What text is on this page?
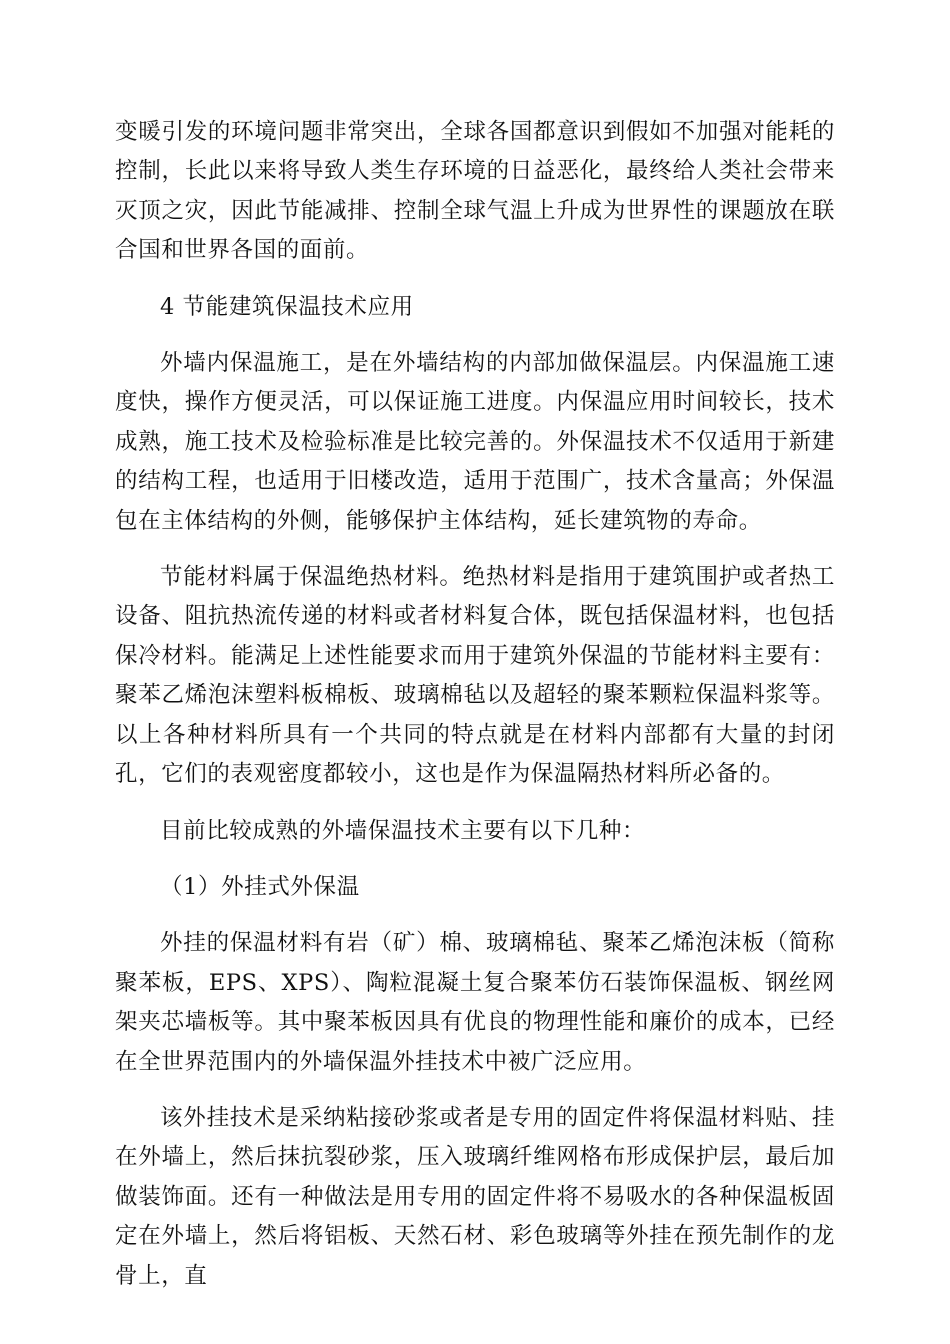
变暖引发的环境问题非常突出，全球各国都意识到假如不加强对能耗的控制，长此以来将导致人类生存环境的日益恶化，最终给人类社会带来灭顶之灾，因此节能减排、控制全球气温上升成为世界性的课题放在联合国和世界各国的面前。

4 节能建筑保温技术应用

外墙内保温施工，是在外墙结构的内部加做保温层。内保温施工速度快，操作方便灵活，可以保证施工进度。内保温应用时间较长，技术成熟，施工技术及检验标准是比较完善的。外保温技术不仅适用于新建的结构工程，也适用于旧楼改造，适用于范围广，技术含量高；外保温包在主体结构的外侧，能够保护主体结构，延长建筑物的寿命。

节能材料属于保温绝热材料。绝热材料是指用于建筑围护或者热工设备、阻抗热流传递的材料或者材料复合体，既包括保温材料，也包括保冷材料。能满足上述性能要求而用于建筑外保温的节能材料主要有：聚苯乙烯泡沫塑料板棉板、玻璃棉毡以及超轻的聚苯颗粒保温料浆等。以上各种材料所具有一个共同的特点就是在材料内部都有大量的封闭孔，它们的表观密度都较小，这也是作为保温隔热材料所必备的。

目前比较成熟的外墙保温技术主要有以下几种：

（1）外挂式外保温

外挂的保温材料有岩（矿）棉、玻璃棉毡、聚苯乙烯泡沫板（简称聚苯板，EPS、XPS）、陶粒混凝土复合聚苯仿石装饰保温板、钢丝网架夹芯墙板等。其中聚苯板因具有优良的物理性能和廉价的成本，已经在全世界范围内的外墙保温外挂技术中被广泛应用。

该外挂技术是采纳粘接砂浆或者是专用的固定件将保温材料贴、挂在外墙上，然后抹抗裂砂浆，压入玻璃纤维网格布形成保护层，最后加做装饰面。还有一种做法是用专用的固定件将不易吸水的各种保温板固定在外墙上，然后将铝板、天然石材、彩色玻璃等外挂在预先制作的龙骨上，直
